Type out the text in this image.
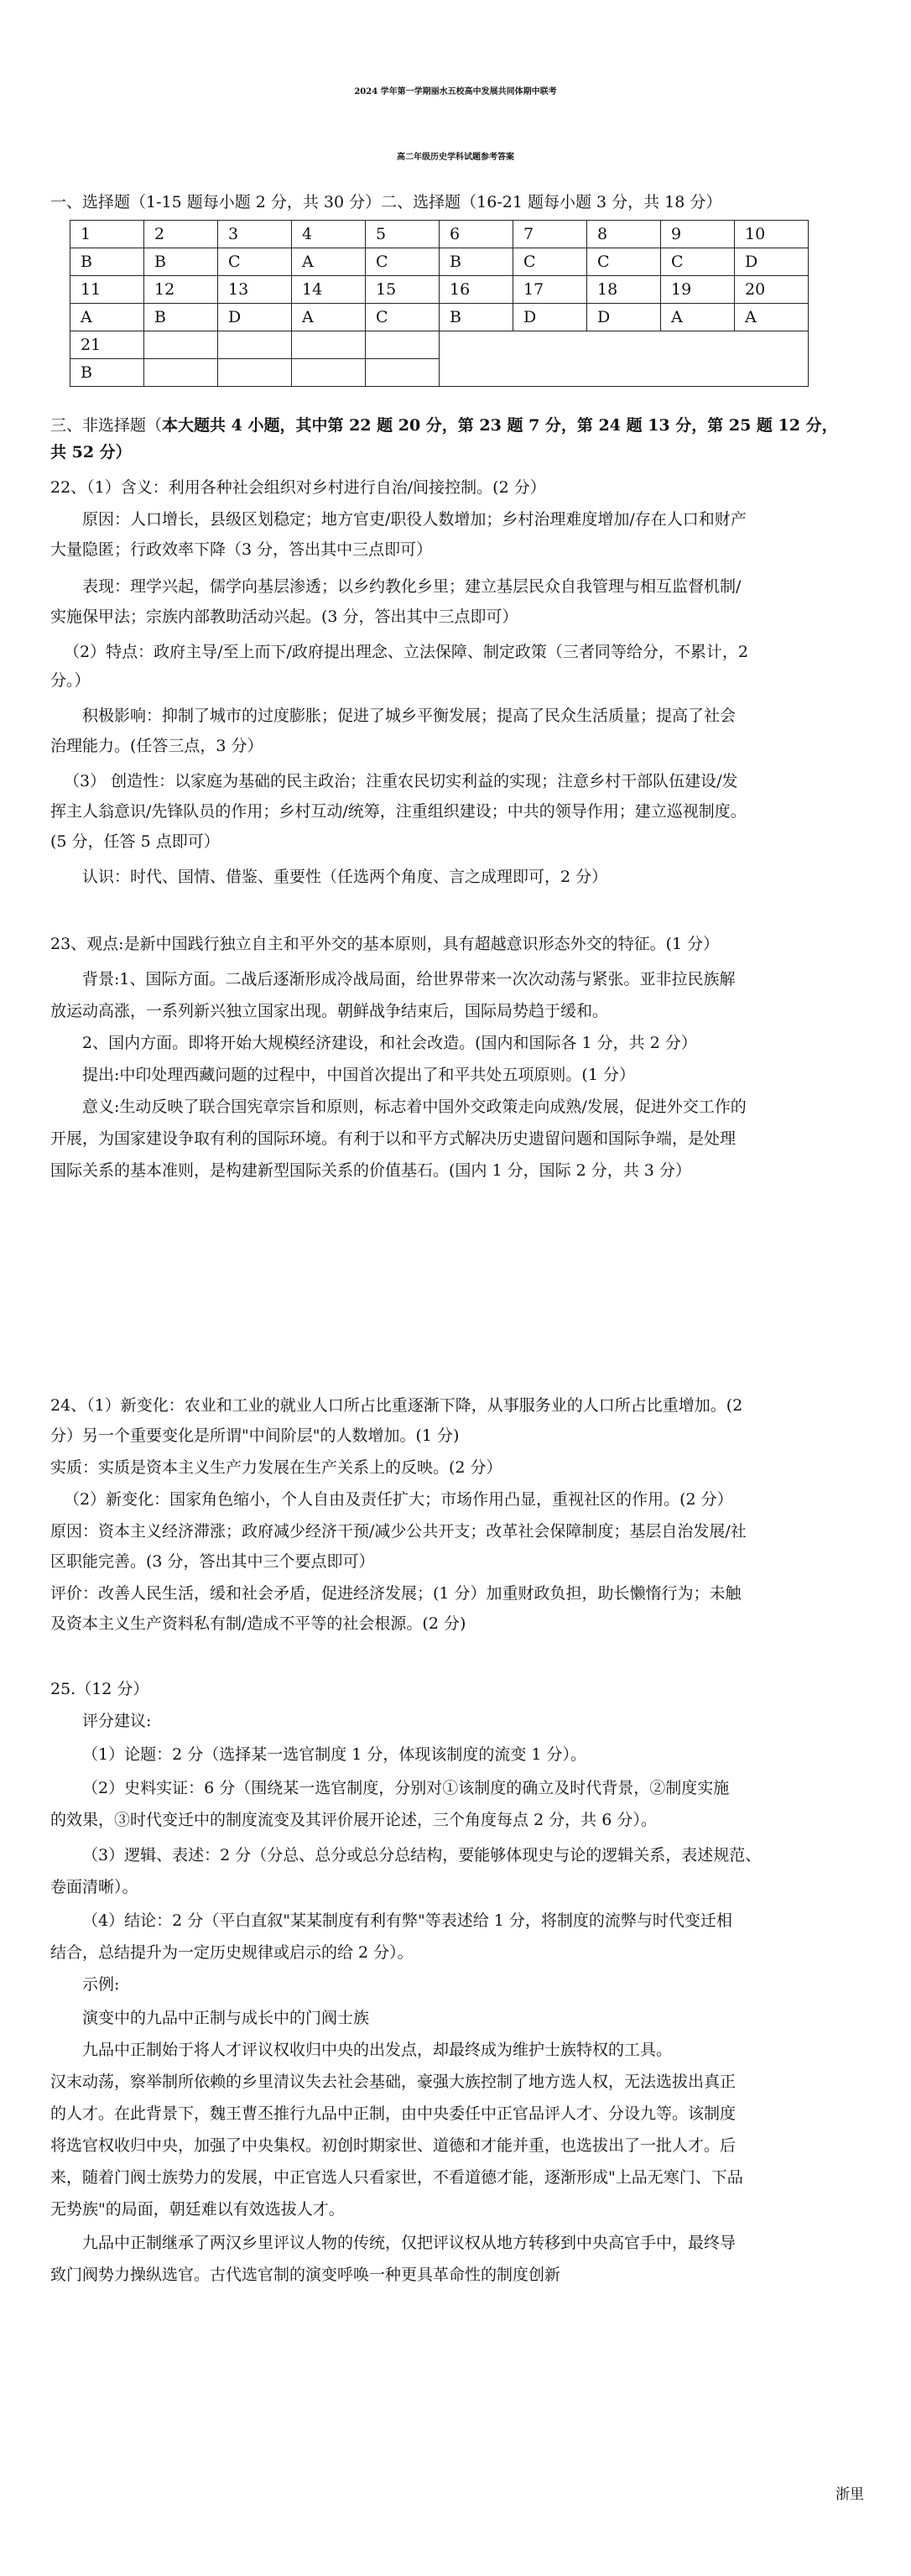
2024 学年第一学期丽水五校高中发展共同体期中联考
高二年级历史学科试题参考答案
一、选择题（1-15 题每小题 2 分，共 30 分）二、选择题（16-21 题每小题 3 分，共 18 分）
1	2	3	4	5	6	7	8	9	10
B	B	C	A	C	B	C	C	C	D
11	12	13	14	15	16	17	18	19	20
A	B	D	A	C	B	D	D	A	A
21									
B									
三、非选择题（本大题共 4 小题，其中第 22 题 20 分，第 23 题 7 分，第 24 题 13 分，第 25 题 12 分，
共 52 分）
22、（1）含义：利用各种社会组织对乡村进行自治/间接控制。(2 分）
原因：人口增长，县级区划稳定；地方官吏/职役人数增加；乡村治理难度增加/存在人口和财产
大量隐匿；行政效率下降（3 分，答出其中三点即可）
表现：理学兴起，儒学向基层渗透；以乡约教化乡里；建立基层民众自我管理与相互监督机制/
实施保甲法；宗族内部教助活动兴起。(3 分，答出其中三点即可）
（2）特点：政府主导/至上而下/政府提出理念、立法保障、制定政策（三者同等给分，不累计，2
分。）
积极影响：抑制了城市的过度膨胀；促进了城乡平衡发展；提高了民众生活质量；提高了社会
治理能力。(任答三点，3 分）
（3） 创造性：以家庭为基础的民主政治；注重农民切实利益的实现；注意乡村干部队伍建设/发
挥主人翁意识/先锋队员的作用；乡村互动/统筹，注重组织建设；中共的领导作用；建立巡视制度。
(5 分，任答 5 点即可）
认识：时代、国情、借鉴、重要性（任选两个角度、言之成理即可，2 分）
23、观点:是新中国践行独立自主和平外交的基本原则，具有超越意识形态外交的特征。(1 分）
背景:1、国际方面。二战后逐渐形成冷战局面，给世界带来一次次动荡与紧张。亚非拉民族解
放运动高涨，一系列新兴独立国家出现。朝鲜战争结束后，国际局势趋于缓和。
2、国内方面。即将开始大规模经济建设，和社会改造。(国内和国际各 1 分，共 2 分）
提出:中印处理西藏问题的过程中，中国首次提出了和平共处五项原则。(1 分）
意义:生动反映了联合国宪章宗旨和原则，标志着中国外交政策走向成熟/发展，促进外交工作的
开展，为国家建设争取有利的国际环境。有利于以和平方式解决历史遗留问题和国际争端，是处理
国际关系的基本准则，是构建新型国际关系的价值基石。(国内 1 分，国际 2 分，共 3 分）
24、（1）新变化：农业和工业的就业人口所占比重逐渐下降，从事服务业的人口所占比重增加。(2
分）另一个重要变化是所谓"中间阶层"的人数增加。(1 分)
实质：实质是资本主义生产力发展在生产关系上的反映。(2 分）
（2）新变化：国家角色缩小，个人自由及责任扩大；市场作用凸显，重视社区的作用。(2 分）
原因：资本主义经济滞涨；政府减少经济干预/减少公共开支；改革社会保障制度；基层自治发展/社
区职能完善。(3 分，答出其中三个要点即可）
评价：改善人民生活，缓和社会矛盾，促进经济发展；(1 分）加重财政负担，助长懒惰行为；未触
及资本主义生产资料私有制/造成不平等的社会根源。(2 分)
25.（12 分）
评分建议:
（1）论题：2 分（选择某一选官制度 1 分，体现该制度的流变 1 分）。
（2）史料实证：6 分（围绕某一选官制度，分别对①该制度的确立及时代背景，②制度实施
的效果，③时代变迁中的制度流变及其评价展开论述，三个角度每点 2 分，共 6 分）。
（3）逻辑、表述：2 分（分总、总分或总分总结构，要能够体现史与论的逻辑关系，表述规范、
卷面清晰）。
（4）结论：2 分（平白直叙"某某制度有利有弊"等表述给 1 分，将制度的流弊与时代变迁相
结合，总结提升为一定历史规律或启示的给 2 分）。
示例:
演变中的九品中正制与成长中的门阀士族
九品中正制始于将人才评议权收归中央的出发点，却最终成为维护士族特权的工具。
汉末动荡，察举制所依赖的乡里清议失去社会基础，豪强大族控制了地方选人权，无法选拔出真正
的人才。在此背景下，魏王曹丕推行九品中正制，由中央委任中正官品评人才、分设九等。该制度
将选官权收归中央，加强了中央集权。初创时期家世、道德和才能并重，也选拔出了一批人才。后
来，随着门阀士族势力的发展，中正官选人只看家世，不看道德才能，逐渐形成"上品无寒门、下品
无势族"的局面，朝廷难以有效选拔人才。
九品中正制继承了两汉乡里评议人物的传统，仅把评议权从地方转移到中央高官手中，最终导
致门阀势力操纵选官。古代选官制的演变呼唤一种更具革命性的制度创新
浙里
